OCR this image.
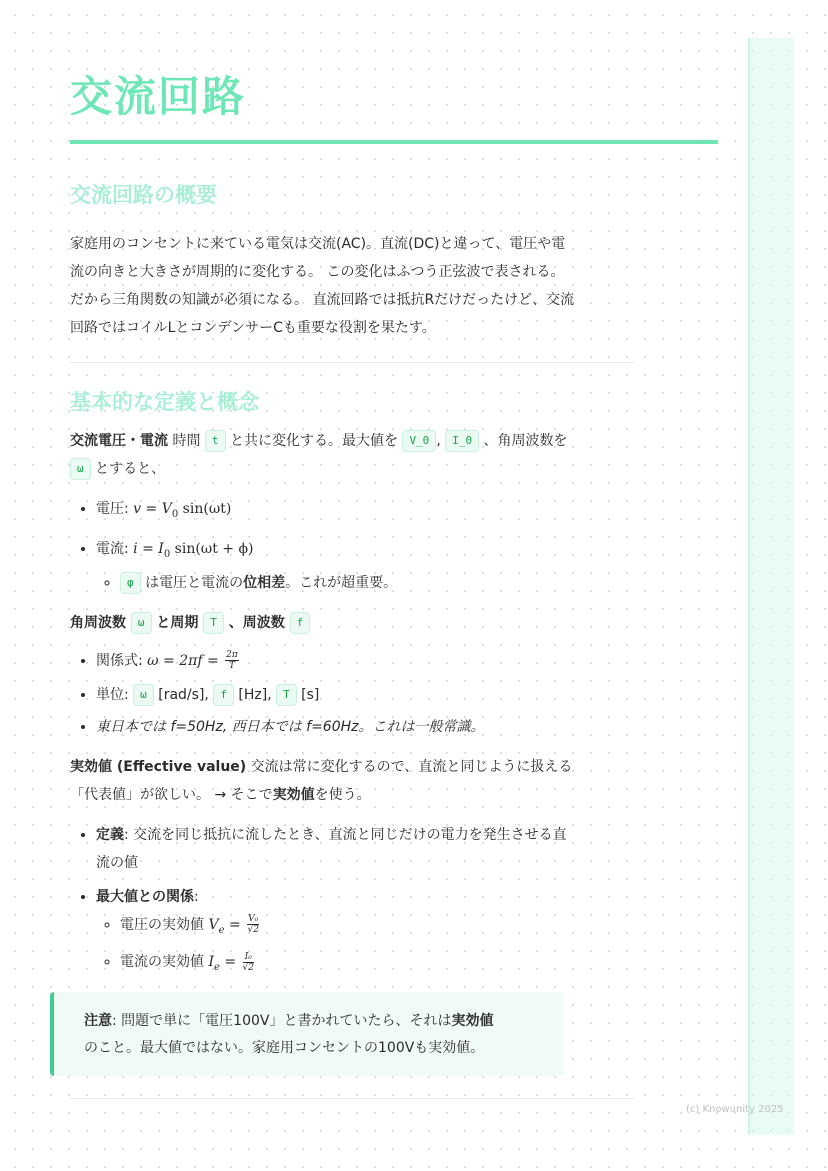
交流回路
交流回路の概要

家庭用のコンセントに来ている電気は交流(AC)。直流(DC)と違って、電圧や電

流の向きと大きさが周期的に変化する。 この変化はふつう正弦波で表される。

だから三角関数の知識が必須になる。 直流回路では抵抗Rだけだったけど、交流

回路ではコイルLとコンデンサーCも重要な役割を果たす。

基本的な定義と概念

交流電圧・電流 時間 t と共に変化する。最大値を V_0 , I_0 、角周波数を
ω とすると、

• 電圧: $v = V_0$ sin(ωt)
• 電流: $i = I_0$ sin(ωt + ϕ)
◦ φ は電圧と電流の位相差。これが超重要。

角周波数 ω と周期 T 、周波数 f

• 関係式: $\omega = 2\pi f = \frac{2\pi}{T}$
• 単位: ω [rad/s], f [Hz], T [s]
• 東日本では f=50Hz, 西日本では f=60Hz。これは一般常識。

実効値 (Effective value) 交流は常に変化するので、直流と同じように扱える
「代表値」が欲しい。 → そこで実効値を使う。

• 定義: 交流を同じ抵抗に流したとき、直流と同じだけの電力を発生させる直
流の値
• 最大値との関係:
◦ 電圧の実効値 $V_e = \frac{\text{V₀}}{√2}$
◦ 電流の実効値 $I_e = \frac{\text{I₀}}{√2}$

注意: 問題で単に「電圧100V」と書かれていたら、それは実効値
のこと。最大値ではない。家庭用コンセントの100Vも実効値。

(c) Knowunity 2025
